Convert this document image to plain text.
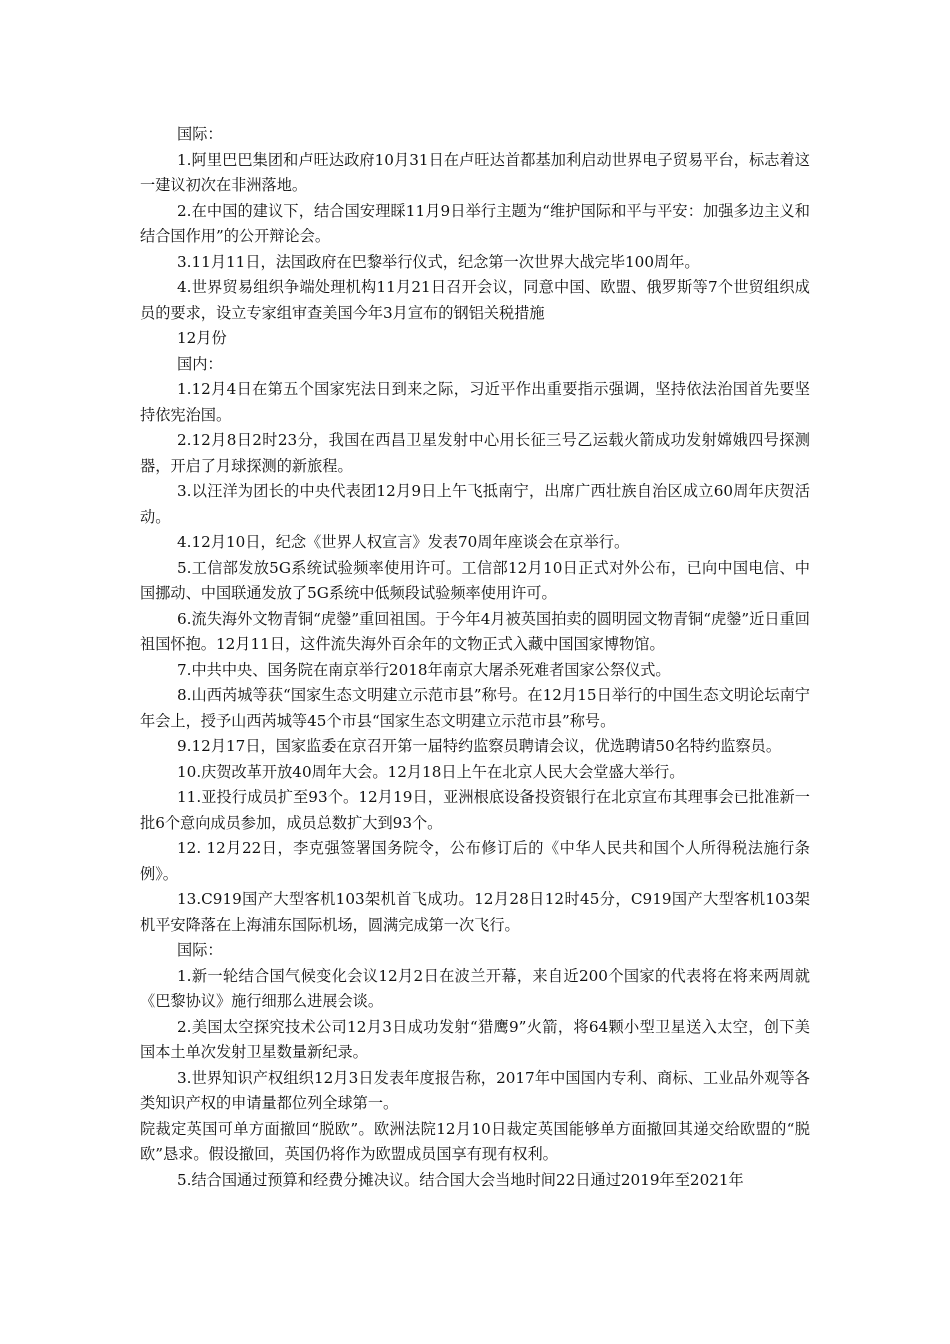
国际：

1.阿里巴巴集团和卢旺达政府10月31日在卢旺达首都基加利启动世界电子贸易平台，标志着这一建议初次在非洲落地。

2.在中国的建议下，结合国安理睬11月9日举行主题为“维护国际和平与平安：加强多边主义和结合国作用”的公开辩论会。

3.11月11日，法国政府在巴黎举行仪式，纪念第一次世界大战完毕100周年。

4.世界贸易组织争端处理机构11月21日召开会议，同意中国、欧盟、俄罗斯等7个世贸组织成员的要求，设立专家组审查美国今年3月宣布的钢铝关税措施

12月份

国内：

1.12月4日在第五个国家宪法日到来之际，习近平作出重要指示强调，坚持依法治国首先要坚持依宪治国。

2.12月8日2时23分，我国在西昌卫星发射中心用长征三号乙运载火箭成功发射嫦娥四号探测器，开启了月球探测的新旅程。

3.以汪洋为团长的中央代表团12月9日上午飞抵南宁，出席广西壮族自治区成立60周年庆贺活动。

4.12月10日，纪念《世界人权宣言》发表70周年座谈会在京举行。

5.工信部发放5G系统试验频率使用许可。工信部12月10日正式对外公布，已向中国电信、中国挪动、中国联通发放了5G系统中低频段试验频率使用许可。

6.流失海外文物青铜“虎鎣”重回祖国。于今年4月被英国拍卖的圆明园文物青铜“虎鎣”近日重回祖国怀抱。12月11日，这件流失海外百余年的文物正式入藏中国国家博物馆。

7.中共中央、国务院在南京举行2018年南京大屠杀死难者国家公祭仪式。

8.山西芮城等获“国家生态文明建立示范市县”称号。在12月15日举行的中国生态文明论坛南宁年会上，授予山西芮城等45个市县“国家生态文明建立示范市县”称号。

9.12月17日，国家监委在京召开第一届特约监察员聘请会议，优选聘请50名特约监察员。

10.庆贺改革开放40周年大会。12月18日上午在北京人民大会堂盛大举行。

11.亚投行成员扩至93个。12月19日，亚洲根底设备投资银行在北京宣布其理事会已批准新一批6个意向成员参加，成员总数扩大到93个。

12. 12月22日，李克强签署国务院令，公布修订后的《中华人民共和国个人所得税法施行条例》。

13.C919国产大型客机103架机首飞成功。12月28日12时45分，C919国产大型客机103架机平安降落在上海浦东国际机场，圆满完成第一次飞行。

国际：

1.新一轮结合国气候变化会议12月2日在波兰开幕，来自近200个国家的代表将在将来两周就《巴黎协议》施行细那么进展会谈。

2.美国太空探究技术公司12月3日成功发射“猎鹰9”火箭，将64颗小型卫星送入太空，创下美国本土单次发射卫星数量新纪录。

3.世界知识产权组织12月3日发表年度报告称，2017年中国国内专利、商标、工业品外观等各类知识产权的申请量都位列全球第一。

院裁定英国可单方面撤回“脱欧”。欧洲法院12月10日裁定英国能够单方面撤回其递交给欧盟的“脱欧”恳求。假设撤回，英国仍将作为欧盟成员国享有现有权利。

5.结合国通过预算和经费分摊决议。结合国大会当地时间22日通过2019年至2021年
